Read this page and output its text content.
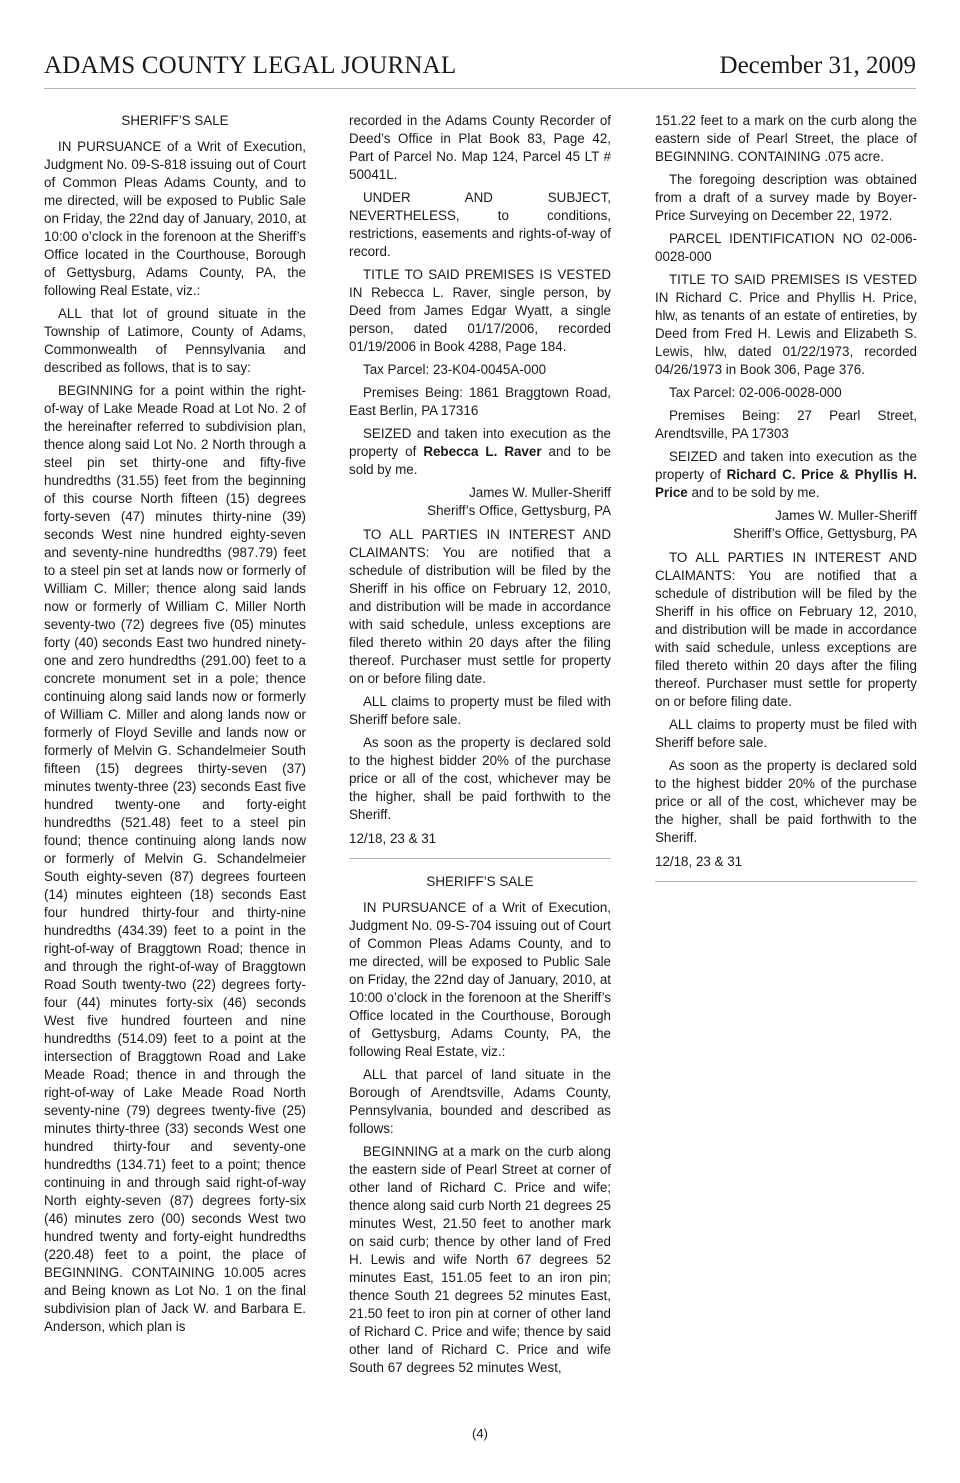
ADAMS COUNTY LEGAL JOURNAL	December 31, 2009

SHERIFF’S SALE

IN PURSUANCE of a Writ of Execution, Judgment No. 09-S-818 issuing out of Court of Common Pleas Adams County, and to me directed, will be exposed to Public Sale on Friday, the 22nd day of January, 2010, at 10:00 o’clock in the forenoon at the Sheriff’s Office located in the Courthouse, Borough of Gettysburg, Adams County, PA, the following Real Estate, viz.:

ALL that lot of ground situate in the Township of Latimore, County of Adams, Commonwealth of Pennsylvania and described as follows, that is to say:

BEGINNING for a point within the right-of-way of Lake Meade Road at Lot No. 2 of the hereinafter referred to subdivision plan, thence along said Lot No. 2 North through a steel pin set thirty-one and fifty-five hundredths (31.55) feet from the beginning of this course North fifteen (15) degrees forty-seven (47) minutes thirty-nine (39) seconds West nine hundred eighty-seven and seventy-nine hundredths (987.79) feet to a steel pin set at lands now or formerly of William C. Miller; thence along said lands now or formerly of William C. Miller North seventy-two (72) degrees five (05) minutes forty (40) seconds East two hundred ninety-one and zero hundredths (291.00) feet to a concrete monument set in a pole; thence continuing along said lands now or formerly of William C. Miller and along lands now or formerly of Floyd Seville and lands now or formerly of Melvin G. Schandelmeier South fifteen (15) degrees thirty-seven (37) minutes twenty-three (23) seconds East five hundred twenty-one and forty-eight hundredths (521.48) feet to a steel pin found; thence continuing along lands now or formerly of Melvin G. Schandelmeier South eighty-seven (87) degrees fourteen (14) minutes eighteen (18) seconds East four hundred thirty-four and thirty-nine hundredths (434.39) feet to a point in the right-of-way of Braggtown Road; thence in and through the right-of-way of Braggtown Road South twenty-two (22) degrees forty-four (44) minutes forty-six (46) seconds West five hundred fourteen and nine hundredths (514.09) feet to a point at the intersection of Braggtown Road and Lake Meade Road; thence in and through the right-of-way of Lake Meade Road North seventy-nine (79) degrees twenty-five (25) minutes thirty-three (33) seconds West one hundred thirty-four and seventy-one hundredths (134.71) feet to a point; thence continuing in and through said right-of-way North eighty-seven (87) degrees forty-six (46) minutes zero (00) seconds West two hundred twenty and forty-eight hundredths (220.48) feet to a point, the place of BEGINNING. CONTAINING 10.005 acres and Being known as Lot No. 1 on the final subdivision plan of Jack W. and Barbara E. Anderson, which plan is

recorded in the Adams County Recorder of Deed’s Office in Plat Book 83, Page 42, Part of Parcel No. Map 124, Parcel 45 LT # 50041L.

UNDER AND SUBJECT, NEVERTHELESS, to conditions, restrictions, easements and rights-of-way of record.

TITLE TO SAID PREMISES IS VESTED IN Rebecca L. Raver, single person, by Deed from James Edgar Wyatt, a single person, dated 01/17/2006, recorded 01/19/2006 in Book 4288, Page 184.

Tax Parcel: 23-K04-0045A-000

Premises Being: 1861 Braggtown Road, East Berlin, PA 17316

SEIZED and taken into execution as the property of Rebecca L. Raver and to be sold by me.

James W. Muller-Sheriff

Sheriff’s Office, Gettysburg, PA

TO ALL PARTIES IN INTEREST AND CLAIMANTS: You are notified that a schedule of distribution will be filed by the Sheriff in his office on February 12, 2010, and distribution will be made in accordance with said schedule, unless exceptions are filed thereto within 20 days after the filing thereof. Purchaser must settle for property on or before filing date.

ALL claims to property must be filed with Sheriff before sale.

As soon as the property is declared sold to the highest bidder 20% of the purchase price or all of the cost, whichever may be the higher, shall be paid forthwith to the Sheriff.

12/18, 23 & 31

SHERIFF’S SALE

IN PURSUANCE of a Writ of Execution, Judgment No. 09-S-704 issuing out of Court of Common Pleas Adams County, and to me directed, will be exposed to Public Sale on Friday, the 22nd day of January, 2010, at 10:00 o’clock in the forenoon at the Sheriff’s Office located in the Courthouse, Borough of Gettysburg, Adams County, PA, the following Real Estate, viz.:

ALL that parcel of land situate in the Borough of Arendtsville, Adams County, Pennsylvania, bounded and described as follows:

BEGINNING at a mark on the curb along the eastern side of Pearl Street at corner of other land of Richard C. Price and wife; thence along said curb North 21 degrees 25 minutes West, 21.50 feet to another mark on said curb; thence by other land of Fred H. Lewis and wife North 67 degrees 52 minutes East, 151.05 feet to an iron pin; thence South 21 degrees 52 minutes East, 21.50 feet to iron pin at corner of other land of Richard C. Price and wife; thence by said other land of Richard C. Price and wife South 67 degrees 52 minutes West,

151.22 feet to a mark on the curb along the eastern side of Pearl Street, the place of BEGINNING. CONTAINING .075 acre.

The foregoing description was obtained from a draft of a survey made by Boyer-Price Surveying on December 22, 1972.

PARCEL IDENTIFICATION NO 02-006-0028-000

TITLE TO SAID PREMISES IS VESTED IN Richard C. Price and Phyllis H. Price, hlw, as tenants of an estate of entireties, by Deed from Fred H. Lewis and Elizabeth S. Lewis, hlw, dated 01/22/1973, recorded 04/26/1973 in Book 306, Page 376.

Tax Parcel: 02-006-0028-000

Premises Being: 27 Pearl Street, Arendtsville, PA 17303

SEIZED and taken into execution as the property of Richard C. Price & Phyllis H. Price and to be sold by me.

James W. Muller-Sheriff

Sheriff’s Office, Gettysburg, PA

TO ALL PARTIES IN INTEREST AND CLAIMANTS: You are notified that a schedule of distribution will be filed by the Sheriff in his office on February 12, 2010, and distribution will be made in accordance with said schedule, unless exceptions are filed thereto within 20 days after the filing thereof. Purchaser must settle for property on or before filing date.

ALL claims to property must be filed with Sheriff before sale.

As soon as the property is declared sold to the highest bidder 20% of the purchase price or all of the cost, whichever may be the higher, shall be paid forthwith to the Sheriff.

12/18, 23 & 31

(4)
